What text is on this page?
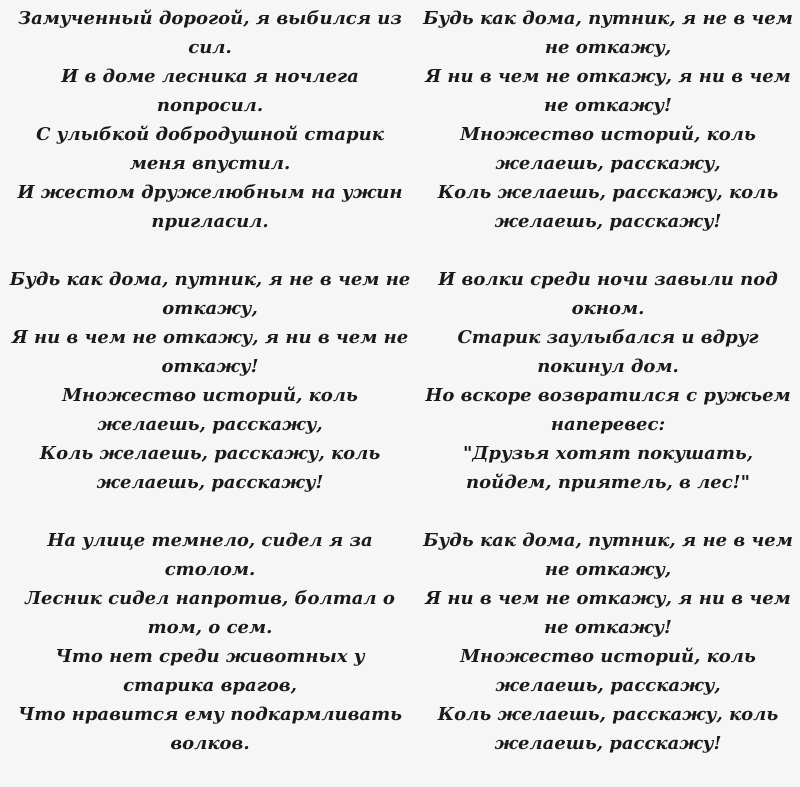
Замученный дорогой, я выбился из сил.
И в доме лесника я ночлега попросил.
С улыбкой добродушной старик меня впустил.
И жестом дружелюбным на ужин пригласил.
Будь как дома, путник, я не в чем не откажу,
Я ни в чем не откажу, я ни в чем не откажу!
Множество историй, коль желаешь, расскажу,
Коль желаешь, расскажу, коль желаешь, расскажу!
На улице темнело, сидел я за столом.
Лесник сидел напротив, болтал о том, о сем.
Что нет среди животных у старика врагов,
Что нравится ему подкармливать волков.
Будь как дома, путник, я не в чем не откажу,
Я ни в чем не откажу, я ни в чем не откажу!
Множество историй, коль желаешь, расскажу,
Коль желаешь, расскажу, коль желаешь, расскажу!
И волки среди ночи завыли под окном.
Старик заулыбался и вдруг покинул дом.
Но вскоре возвратился с ружьем наперевес:
"Друзья хотят покушать, пойдем, приятель, в лес!"
Будь как дома, путник, я не в чем не откажу,
Я ни в чем не откажу, я ни в чем не откажу!
Множество историй, коль желаешь, расскажу,
Коль желаешь, расскажу, коль желаешь, расскажу!
